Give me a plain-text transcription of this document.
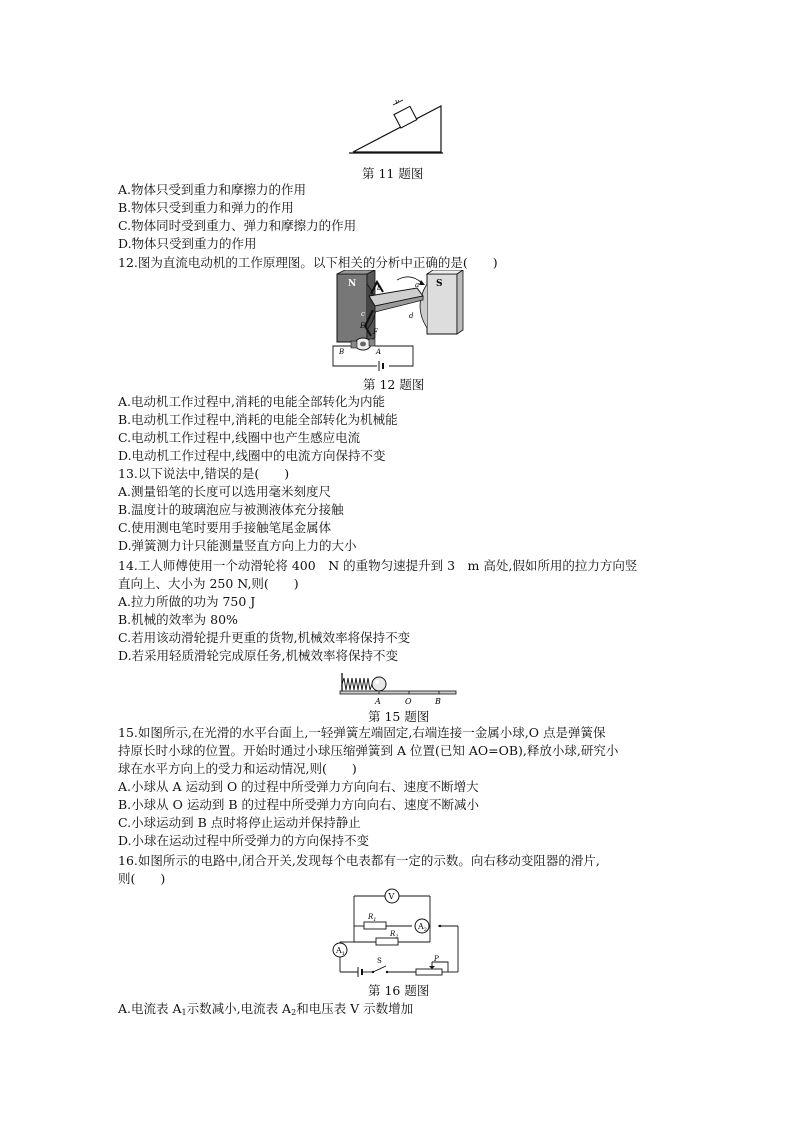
v
第 11 题图
A.物体只受到重力和摩擦力的作用
B.物体只受到重力和弹力的作用
C.物体同时受到重力、弹力和摩擦力的作用
D.物体只受到重力的作用
12.图为直流电动机的工作原理图。以下相关的分析中正确的是(　　)
N	S
b	a
c	d
E
F
A
B
第 12 题图
A.电动机工作过程中,消耗的电能全部转化为内能
B.电动机工作过程中,消耗的电能全部转化为机械能
C.电动机工作过程中,线圈中也产生感应电流
D.电动机工作过程中,线圈中的电流方向保持不变
13.以下说法中,错误的是(　　)
A.测量铅笔的长度可以选用毫米刻度尺
B.温度计的玻璃泡应与被测液体充分接触
C.使用测电笔时要用手接触笔尾金属体
D.弹簧测力计只能测量竖直方向上力的大小
14.工人师傅使用一个动滑轮将 400　N 的重物匀速提升到 3　m 高处,假如所用的拉力方向竖
直向上、大小为 250 N,则(　　)
A.拉力所做的功为 750 J
B.机械的效率为 80%
C.若用该动滑轮提升更重的货物,机械效率将保持不变
D.若采用轻质滑轮完成原任务,机械效率将保持不变
A	O	B
第 15 题图
15.如图所示,在光滑的水平台面上,一轻弹簧左端固定,右端连接一金属小球,O 点是弹簧保
持原长时小球的位置。开始时通过小球压缩弹簧到 A 位置(已知 AO=OB),释放小球,研究小
球在水平方向上的受力和运动情况,则(　　)
A.小球从 A 运动到 O 的过程中所受弹力方向向右、速度不断增大
B.小球从 O 运动到 B 的过程中所受弹力方向向右、速度不断减小
C.小球运动到 B 点时将停止运动并保持静止
D.小球在运动过程中所受弹力的方向保持不变
16.如图所示的电路中,闭合开关,发现每个电表都有一定的示数。向右移动变阻器的滑片,
则(　　)
V
$R_1$
$A_2$
$R_2$
$A_1$
S	P
第 16 题图
A.电流表 $A_1$示数减小,电流表 $A_2$和电压表 V 示数增加
